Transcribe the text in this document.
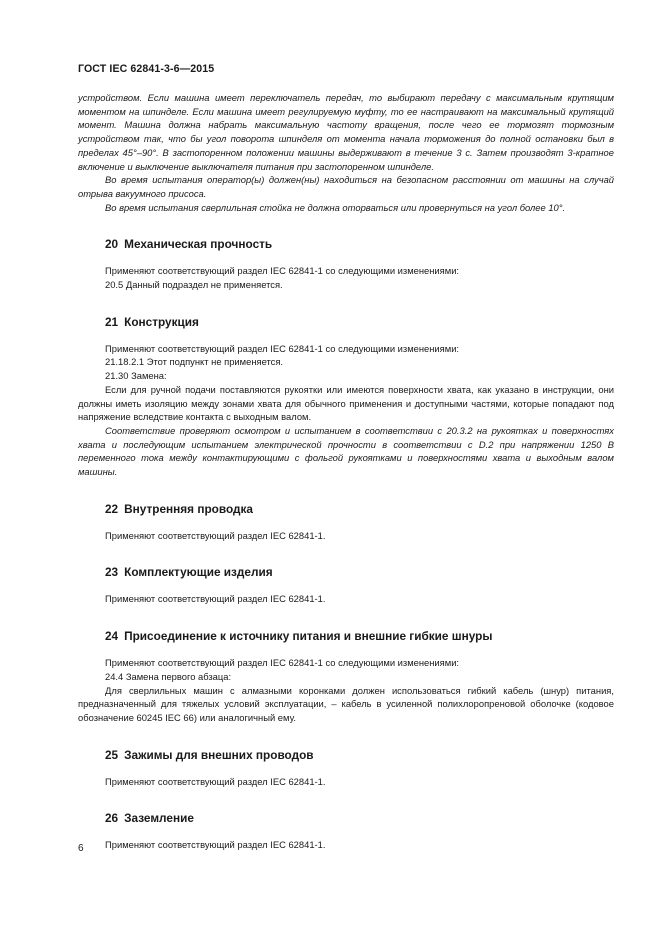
ГОСТ IEC 62841-3-6—2015

устройством. Если машина имеет переключатель передач, то выбирают передачу с максимальным крутящим моментом на шпинделе. Если машина имеет регулируемую муфту, то ее настраивают на максимальный крутящий момент. Машина должна набрать максимальную частоту вращения, после чего ее тормозят тормозным устройством так, что бы угол поворота шпинделя от момента начала торможения до полной остановки был в пределах 45°–90°. В застопоренном положении машины выдерживают в течение 3 с. Затем производят 3-кратное включение и выключение выключателя питания при застопоренном шпинделе.

Во время испытания оператор(ы) должен(ны) находиться на безопасном расстоянии от машины на случай отрыва вакуумного присоса.

Во время испытания сверлильная стойка не должна оторваться или провернуться на угол более 10°.

20 Механическая прочность

Применяют соответствующий раздел IEC 62841-1 со следующими изменениями:

20.5 Данный подраздел не применяется.

21 Конструкция

Применяют соответствующий раздел IEC 62841-1 со следующими изменениями:

21.18.2.1 Этот подпункт не применяется.

21.30 Замена:

Если для ручной подачи поставляются рукоятки или имеются поверхности хвата, как указано в инструкции, они должны иметь изоляцию между зонами хвата для обычного применения и доступными частями, которые попадают под напряжение вследствие контакта с выходным валом.

Соответствие проверяют осмотром и испытанием в соответствии с 20.3.2 на рукоятках и поверхностях хвата и последующим испытанием электрической прочности в соответствии с D.2 при напряжении 1250 В переменного тока между контактирующими с фольгой рукоятками и поверхностями хвата и выходным валом машины.

22 Внутренняя проводка

Применяют соответствующий раздел IEC 62841-1.

23 Комплектующие изделия

Применяют соответствующий раздел IEC 62841-1.

24 Присоединение к источнику питания и внешние гибкие шнуры

Применяют соответствующий раздел IEC 62841-1 со следующими изменениями:

24.4 Замена первого абзаца:

Для сверлильных машин с алмазными коронками должен использоваться гибкий кабель (шнур) питания, предназначенный для тяжелых условий эксплуатации, – кабель в усиленной полихлоропреновой оболочке (кодовое обозначение 60245 IEC 66) или аналогичный ему.

25 Зажимы для внешних проводов

Применяют соответствующий раздел IEC 62841-1.

26 Заземление

Применяют соответствующий раздел IEC 62841-1.

6
